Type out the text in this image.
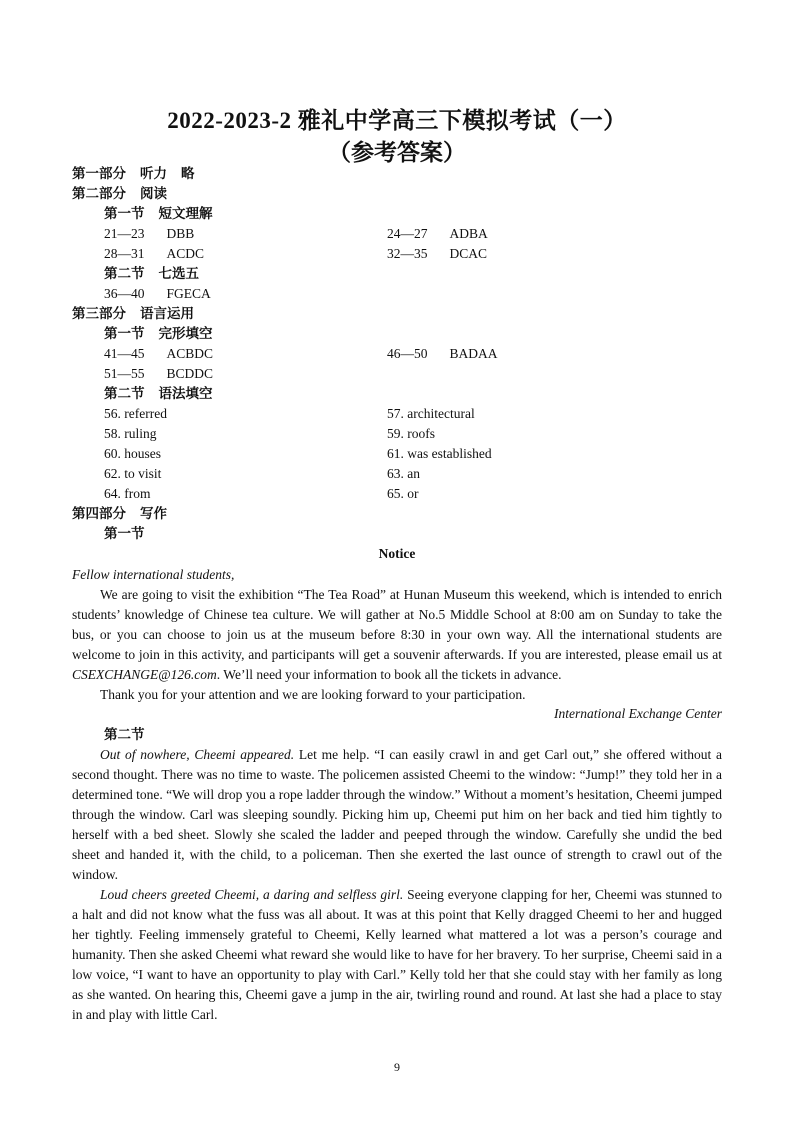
2022-2023-2 雅礼中学高三下模拟考试（一）
（参考答案）
第一部分 听力 略
第二部分 阅读
第一节 短文理解
21—23 DBB	24—27 ADBA
28—31 ACDC	32—35 DCAC
第二节 七选五
36—40 FGECA
第三部分 语言运用
第一节 完形填空
41—45 ACBDC	46—50 BADAA
51—55 BCDDC
第二节 语法填空
56. referred	57. architectural
58. ruling	59. roofs
60. houses	61. was established
62. to visit	63. an
64. from	65. or
第四部分 写作
第一节
Notice
Fellow international students,
We are going to visit the exhibition “The Tea Road” at Hunan Museum this weekend, which is intended to enrich students’ knowledge of Chinese tea culture. We will gather at No.5 Middle School at 8:00 am on Sunday to take the bus, or you can choose to join us at the museum before 8:30 in your own way. All the international students are welcome to join in this activity, and participants will get a souvenir afterwards. If you are interested, please email us at CSEXCHANGE@126.com. We’ll need your information to book all the tickets in advance.
Thank you for your attention and we are looking forward to your participation.
International Exchange Center
第二节
Out of nowhere, Cheemi appeared. Let me help. “I can easily crawl in and get Carl out,” she offered without a second thought. There was no time to waste. The policemen assisted Cheemi to the window: “Jump!” they told her in a determined tone. “We will drop you a rope ladder through the window.” Without a moment’s hesitation, Cheemi jumped through the window. Carl was sleeping soundly. Picking him up, Cheemi put him on her back and tied him tightly to herself with a bed sheet. Slowly she scaled the ladder and peeped through the window. Carefully she undid the bed sheet and handed it, with the child, to a policeman. Then she exerted the last ounce of strength to crawl out of the window.
Loud cheers greeted Cheemi, a daring and selfless girl. Seeing everyone clapping for her, Cheemi was stunned to a halt and did not know what the fuss was all about. It was at this point that Kelly dragged Cheemi to her and hugged her tightly. Feeling immensely grateful to Cheemi, Kelly learned what mattered a lot was a person’s courage and humanity. Then she asked Cheemi what reward she would like to have for her bravery. To her surprise, Cheemi said in a low voice, “I want to have an opportunity to play with Carl.” Kelly told her that she could stay with her family as long as she wanted. On hearing this, Cheemi gave a jump in the air, twirling round and round. At last she had a place to stay in and play with little Carl.
9
